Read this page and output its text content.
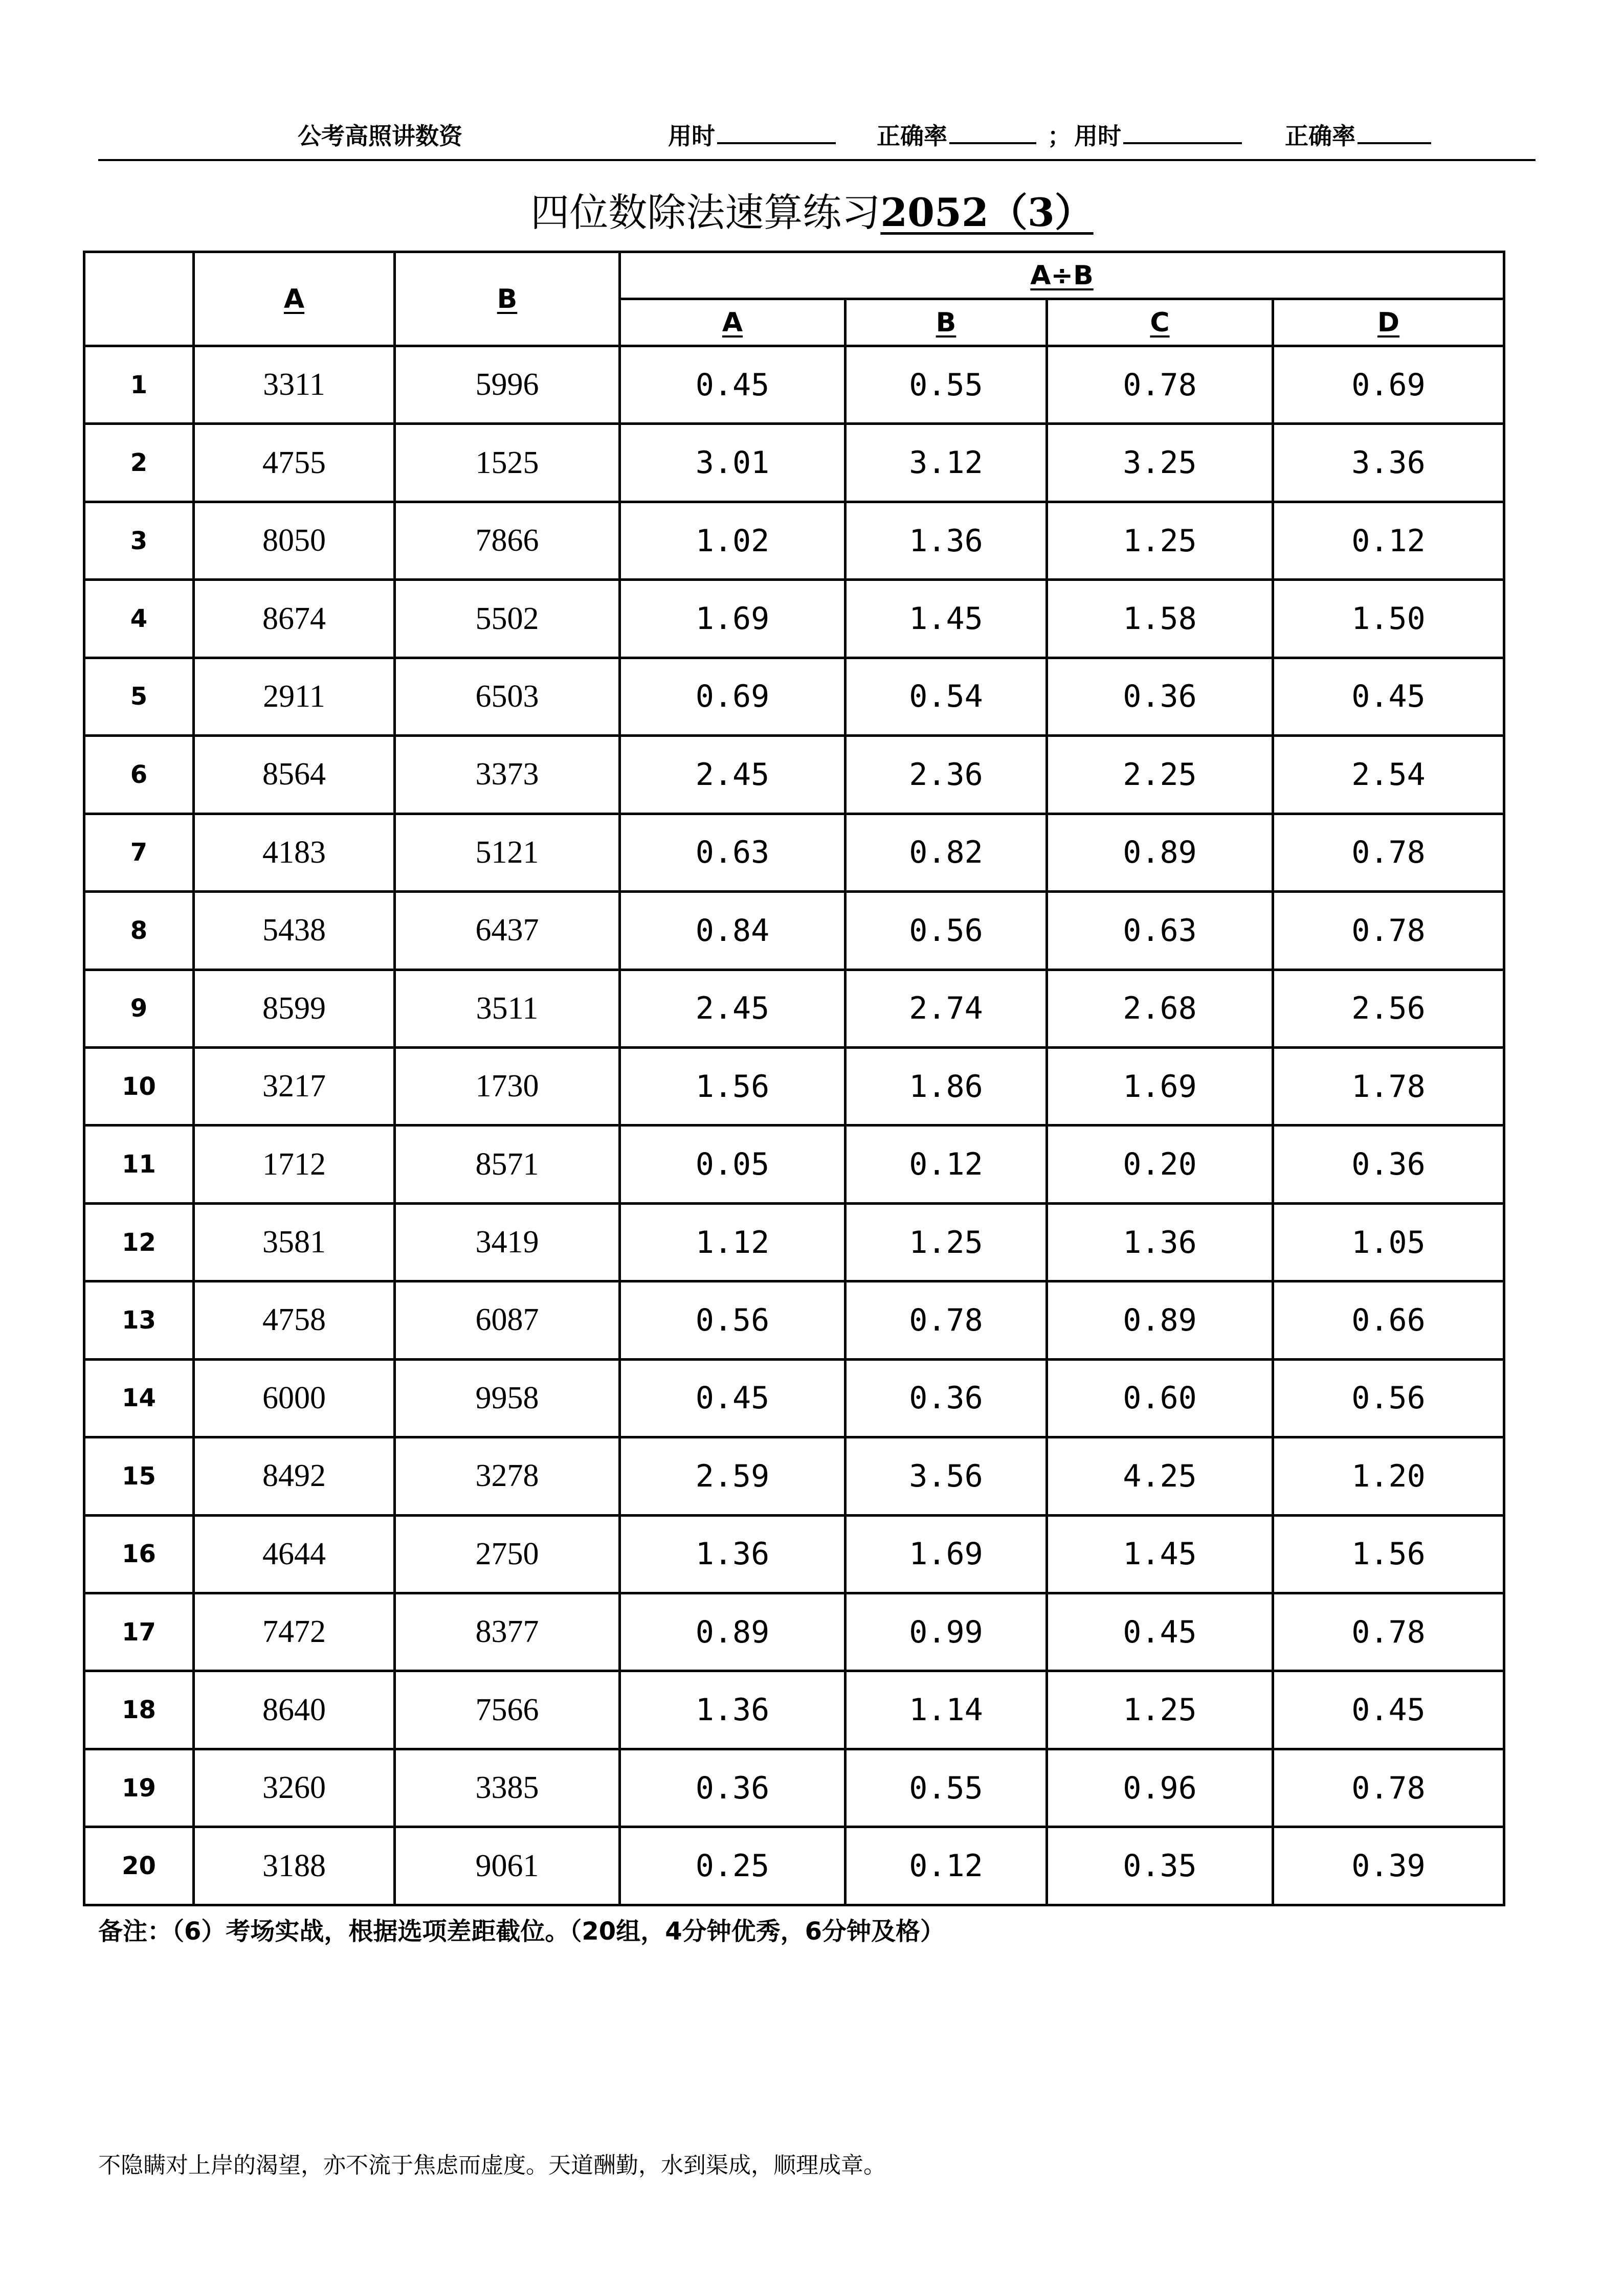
公考高照讲数资	用时	正确率	； 用时	正确率
四位数除法速算练习2052（3）
	A	B	A÷B			
			A	B	C	D
1	3311	5996	0.45	0.55	0.78	0.69
2	4755	1525	3.01	3.12	3.25	3.36
3	8050	7866	1.02	1.36	1.25	0.12
4	8674	5502	1.69	1.45	1.58	1.50
5	2911	6503	0.69	0.54	0.36	0.45
6	8564	3373	2.45	2.36	2.25	2.54
7	4183	5121	0.63	0.82	0.89	0.78
8	5438	6437	0.84	0.56	0.63	0.78
9	8599	3511	2.45	2.74	2.68	2.56
10	3217	1730	1.56	1.86	1.69	1.78
11	1712	8571	0.05	0.12	0.20	0.36
12	3581	3419	1.12	1.25	1.36	1.05
13	4758	6087	0.56	0.78	0.89	0.66
14	6000	9958	0.45	0.36	0.60	0.56
15	8492	3278	2.59	3.56	4.25	1.20
16	4644	2750	1.36	1.69	1.45	1.56
17	7472	8377	0.89	0.99	0.45	0.78
18	8640	7566	1.36	1.14	1.25	0.45
19	3260	3385	0.36	0.55	0.96	0.78
20	3188	9061	0.25	0.12	0.35	0.39
备注：（6）考场实战，根据选项差距截位。（20组，4分钟优秀，6分钟及格）
不隐瞒对上岸的渴望，亦不流于焦虑而虚度。天道酬勤，水到渠成，顺理成章。
